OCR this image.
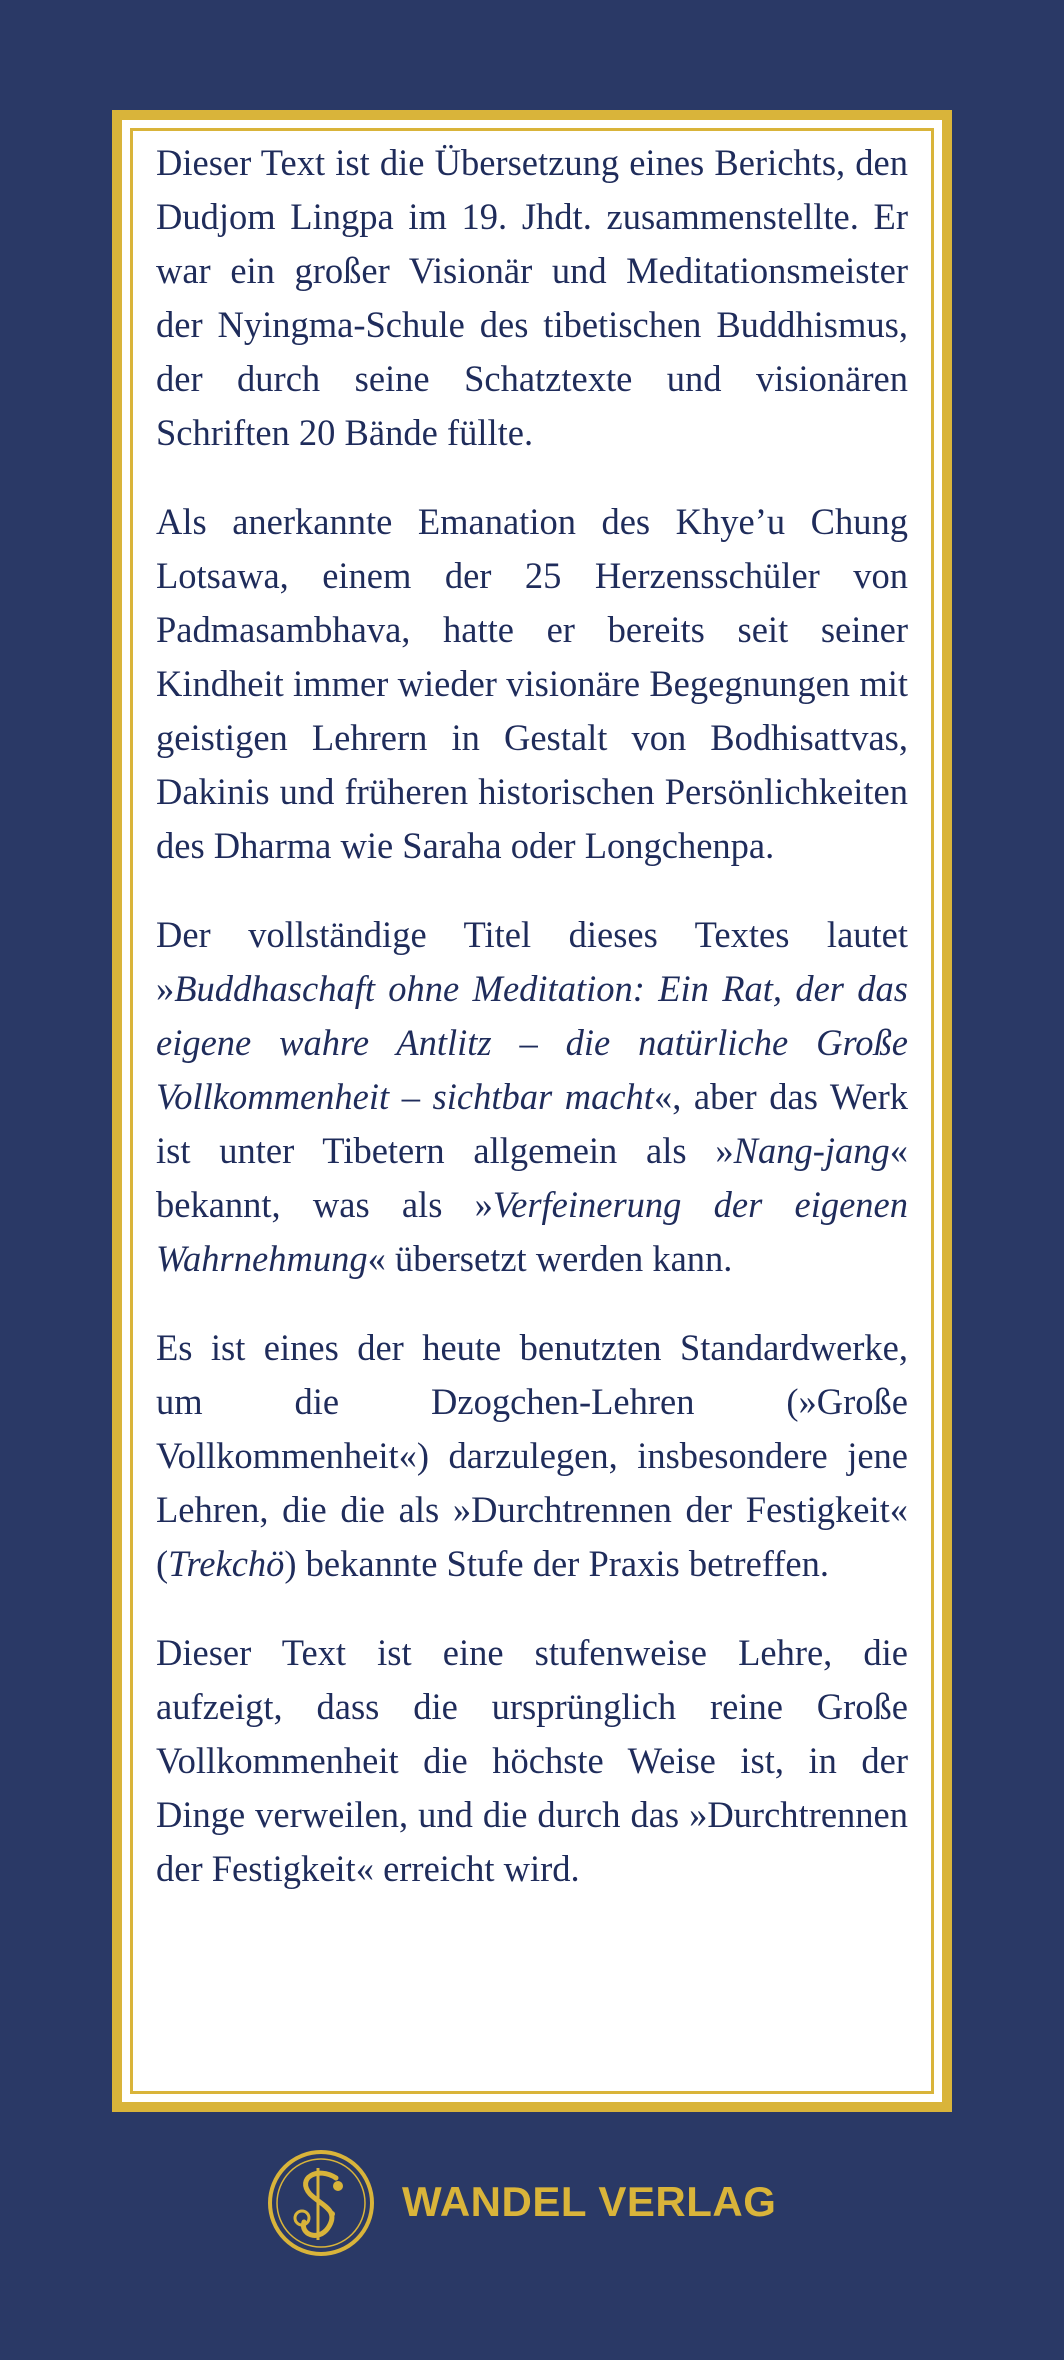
Dieser Text ist die Übersetzung eines Berichts, den Dudjom Lingpa im 19. Jhdt. zusammenstellte. Er war ein großer Visionär und Meditationsmeister der Nyingma-Schule des tibetischen Buddhismus, der durch seine Schatztexte und visionären Schriften 20 Bände füllte.

Als anerkannte Emanation des Khye’u Chung Lotsawa, einem der 25 Herzensschüler von Padmasambhava, hatte er bereits seit seiner Kindheit immer wieder visionäre Begegnungen mit geistigen Lehrern in Gestalt von Bodhisattvas, Dakinis und früheren historischen Persönlichkeiten des Dharma wie Saraha oder Longchenpa.

Der vollständige Titel dieses Textes lautet »Buddhaschaft ohne Meditation: Ein Rat, der das eigene wahre Antlitz – die natürliche Große Vollkommenheit – sichtbar macht«, aber das Werk ist unter Tibetern allgemein als »Nang-jang« bekannt, was als »Verfeinerung der eigenen Wahrnehmung« übersetzt werden kann.

Es ist eines der heute benutzten Standardwerke, um die Dzogchen-Lehren (»Große Vollkommenheit«) darzulegen, insbesondere jene Lehren, die die als »Durchtrennen der Festigkeit« (Trekchö) bekannte Stufe der Praxis betreffen.

Dieser Text ist eine stufenweise Lehre, die aufzeigt, dass die ursprünglich reine Große Vollkommenheit die höchste Weise ist, in der Dinge verweilen, und die durch das »Durchtrennen der Festigkeit« erreicht wird.

WANDEL VERLAG
